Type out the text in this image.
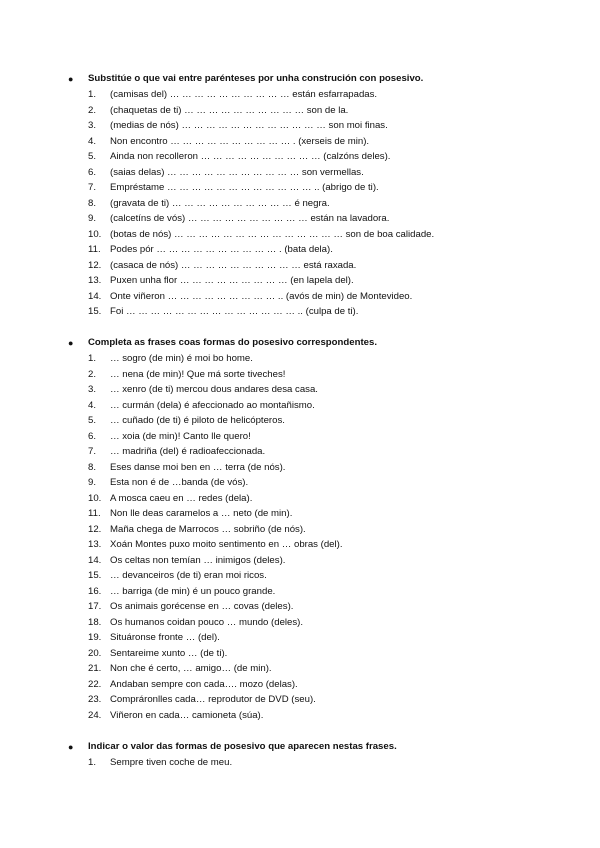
● Substitúe o que vai entre parénteses por unha construción con posesivo.
1.	(camisas del) … … … … … … … … … … están esfarrapadas.
2.	(chaquetas de ti) … … … … … … … … … … son de la.
3.	(medias de nós) … … … … … … … … … … … … son moi finas.
4.	Non encontro … … … … … … … … … … . (xerseis de min).
5.	Ainda non recolleron … … … … … … … … … … (calzóns deles).
6.	(saias delas) … … … … … … … … … … … son vermellas.
7.	Empréstame … … … … … … … … … … … … .. (abrigo de ti).
8.	(gravata de ti) … … … … … … … … … … é negra.
9.	(calcetíns de vós) … … … … … … … … … … están na lavadora.
10. (botas de nós) … … … … … … … … … … … … … … son de boa calidade.
11. Podes pór … … … … … … … … … … . (bata dela).
12. (casaca de nós) … … … … … … … … … … está raxada.
13. Puxen unha flor … … … … … … … … … (en lapela del).
14. Onte viñeron … … … … … … … … … .. (avós de min) de Montevideo.
15. Foi … … … … … … … … … … … … … … .. (culpa de ti).
● Completa as frases coas formas do posesivo correspondentes.
1.	… sogro (de min) é moi bo home.
2.	… nena (de min)! Que má sorte tiveches!
3.	… xenro (de ti) mercou dous andares desa casa.
4.	… curmán (dela) é afeccionado ao montañismo.
5.	… cuñado (de ti) é piloto de helicópteros.
6.	… xoia (de min)! Canto lle quero!
7.	… madriña (del) é radioafeccionada.
8.	Eses danse moi ben en … terra (de nós).
9.	Esta non é de …banda (de vós).
10. A mosca caeu en … redes (dela).
11. Non lle deas caramelos a … neto (de min).
12. Maña chega de Marrocos … sobriño (de nós).
13. Xoán Montes puxo moito sentimento en … obras (del).
14. Os celtas non temían … inimigos (deles).
15. … devanceiros (de ti) eran moi ricos.
16. … barriga (de min) é un pouco grande.
17. Os animais gorécense en … covas (deles).
18. Os humanos coidan pouco … mundo (deles).
19. Situáronse fronte … (del).
20. Sentareime xunto … (de ti).
21. Non che é certo, … amigo… (de min).
22. Andaban sempre con cada…. mozo (delas).
23. Compráronlles cada… reprodutor de DVD (seu).
24. Viñeron en cada… camioneta (súa).
● Indicar o valor das formas de posesivo que aparecen nestas frases.
1.	Sempre tiven coche de meu.
